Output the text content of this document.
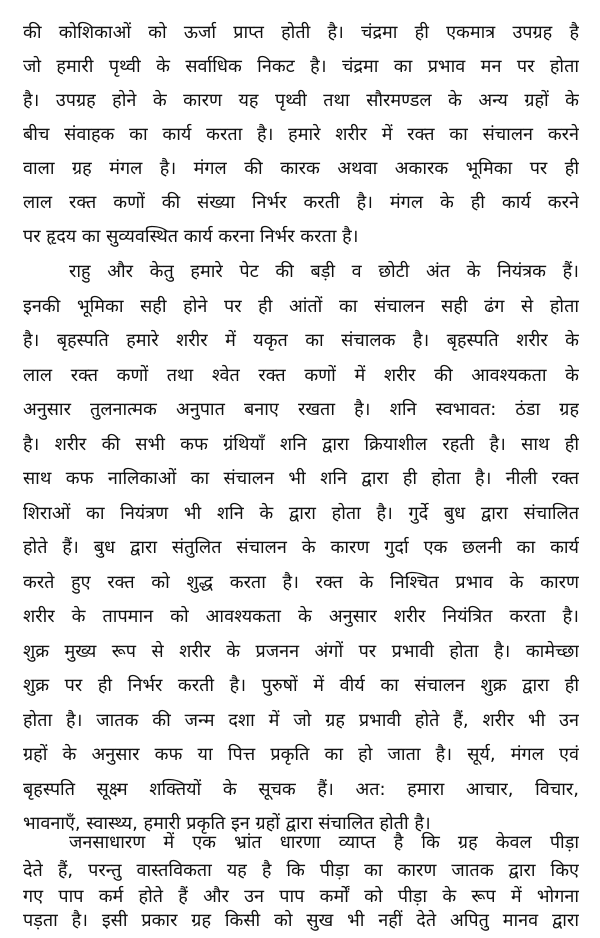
की कोशिकाओं को ऊर्जा प्राप्त होती है। चंद्रमा ही एकमात्र उपग्रह है
जो हमारी पृथ्वी के सर्वाधिक निकट है। चंद्रमा का प्रभाव मन पर होता
है। उपग्रह होने के कारण यह पृथ्वी तथा सौरमण्डल के अन्य ग्रहों के
बीच संवाहक का कार्य करता है। हमारे शरीर में रक्त का संचालन करने
वाला ग्रह मंगल है। मंगल की कारक अथवा अकारक भूमिका पर ही
लाल रक्त कणों की संख्या निर्भर करती है। मंगल के ही कार्य करने
पर हृदय का सुव्यवस्थित कार्य करना निर्भर करता है।
राहु और केतु हमारे पेट की बड़ी व छोटी अंत के नियंत्रक हैं।
इनकी भूमिका सही होने पर ही आंतों का संचालन सही ढंग से होता
है। बृहस्पति हमारे शरीर में यकृत का संचालक है। बृहस्पति शरीर के
लाल रक्त कणों तथा श्वेत रक्त कणों में शरीर की आवश्यकता के
अनुसार तुलनात्मक अनुपात बनाए रखता है। शनि स्वभावत: ठंडा ग्रह
है। शरीर की सभी कफ ग्रंथियाँ शनि द्वारा क्रियाशील रहती है। साथ ही
साथ कफ नालिकाओं का संचालन भी शनि द्वारा ही होता है। नीली रक्त
शिराओं का नियंत्रण भी शनि के द्वारा होता है। गुर्दे बुध द्वारा संचालित
होते हैं। बुध द्वारा संतुलित संचालन के कारण गुर्दा एक छलनी का कार्य
करते हुए रक्त को शुद्ध करता है। रक्त के निश्चित प्रभाव के कारण
शरीर के तापमान को आवश्यकता के अनुसार शरीर नियंत्रित करता है।
शुक्र मुख्य रूप से शरीर के प्रजनन अंगों पर प्रभावी होता है। कामेच्छा
शुक्र पर ही निर्भर करती है। पुरुषों में वीर्य का संचालन शुक्र द्वारा ही
होता है। जातक की जन्म दशा में जो ग्रह प्रभावी होते हैं, शरीर भी उन
ग्रहों के अनुसार कफ या पित्त प्रकृति का हो जाता है। सूर्य, मंगल एवं
बृहस्पति सूक्ष्म शक्तियों के सूचक हैं। अत: हमारा आचार, विचार,
भावनाएँ, स्वास्थ्य, हमारी प्रकृति इन ग्रहों द्वारा संचालित होती है।
जनसाधारण में एक भ्रांत धारणा व्याप्त है कि ग्रह केवल पीड़ा
देते हैं, परन्तु वास्तविकता यह है कि पीड़ा का कारण जातक द्वारा किए
गए पाप कर्म होते हैं और उन पाप कर्मों को पीड़ा के रूप में भोगना
पड़ता है। इसी प्रकार ग्रह किसी को सुख भी नहीं देते अपितु मानव द्वारा
